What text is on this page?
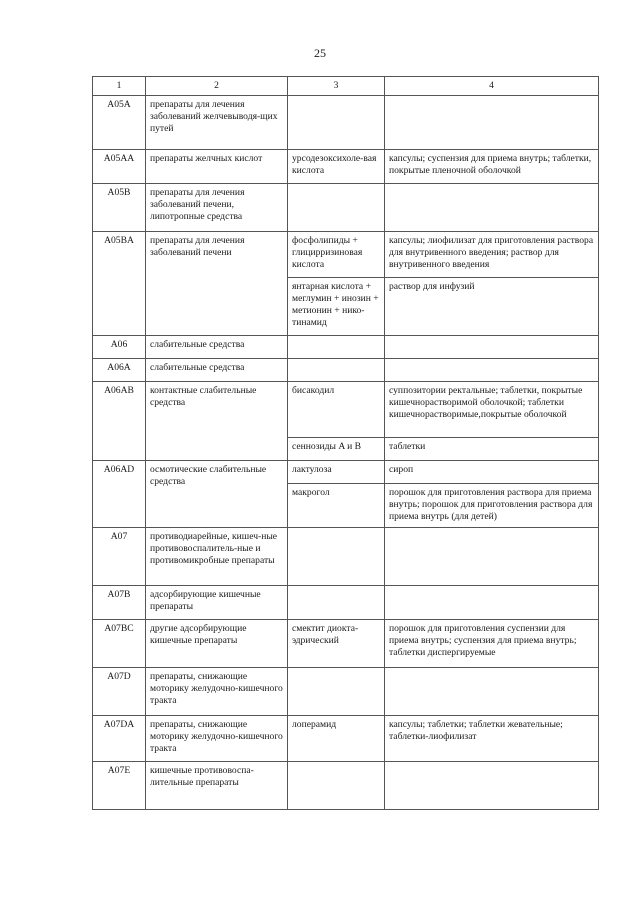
25
1	2	3	4
A05A	препараты для лечения заболеваний желчевыводя-щих путей		
A05AA	препараты желчных кислот	урсодезоксихоле-вая кислота	капсулы; суспензия для приема внутрь; таблетки, покрытые пленочной оболочкой
A05B	препараты для лечения заболеваний печени, липотропные средства		
A05BA	препараты для лечения заболеваний печени	фосфолипиды + глицирризиновая кислота	капсулы; лиофилизат для приготовления раствора для внутривенного введения; раствор для внутривенного введения
		янтарная кислота + меглумин + инозин + метионин + нико-тинамид	раствор для инфузий
A06	слабительные средства		
A06A	слабительные средства		
A06AB	контактные слабительные средства	бисакодил	суппозитории ректальные; таблетки, покрытые кишечнорастворимой оболочкой; таблетки кишечнорастворимые,покрытые оболочкой
		сеннозиды A и B	таблетки
A06AD	осмотические слабительные средства	лактулоза	сироп
		макрогол	порошок для приготовления раствора для приема внутрь; порошок для приготовления раствора для приема внутрь (для детей)
A07	противодиарейные, кишеч-ные противовоспалитель-ные и противомикробные препараты		
A07B	адсорбирующие кишечные препараты		
A07BC	другие адсорбирующие кишечные препараты	смектит диокта-эдрический	порошок для приготовления суспензии для приема внутрь; суспензия для приема внутрь; таблетки диспергируемые
A07D	препараты, снижающие моторику желудочно-кишечного тракта		
A07DA	препараты, снижающие моторику желудочно-кишечного тракта	лоперамид	капсулы; таблетки; таблетки жевательные; таблетки-лиофилизат
A07E	кишечные противовоспа-лительные препараты		
